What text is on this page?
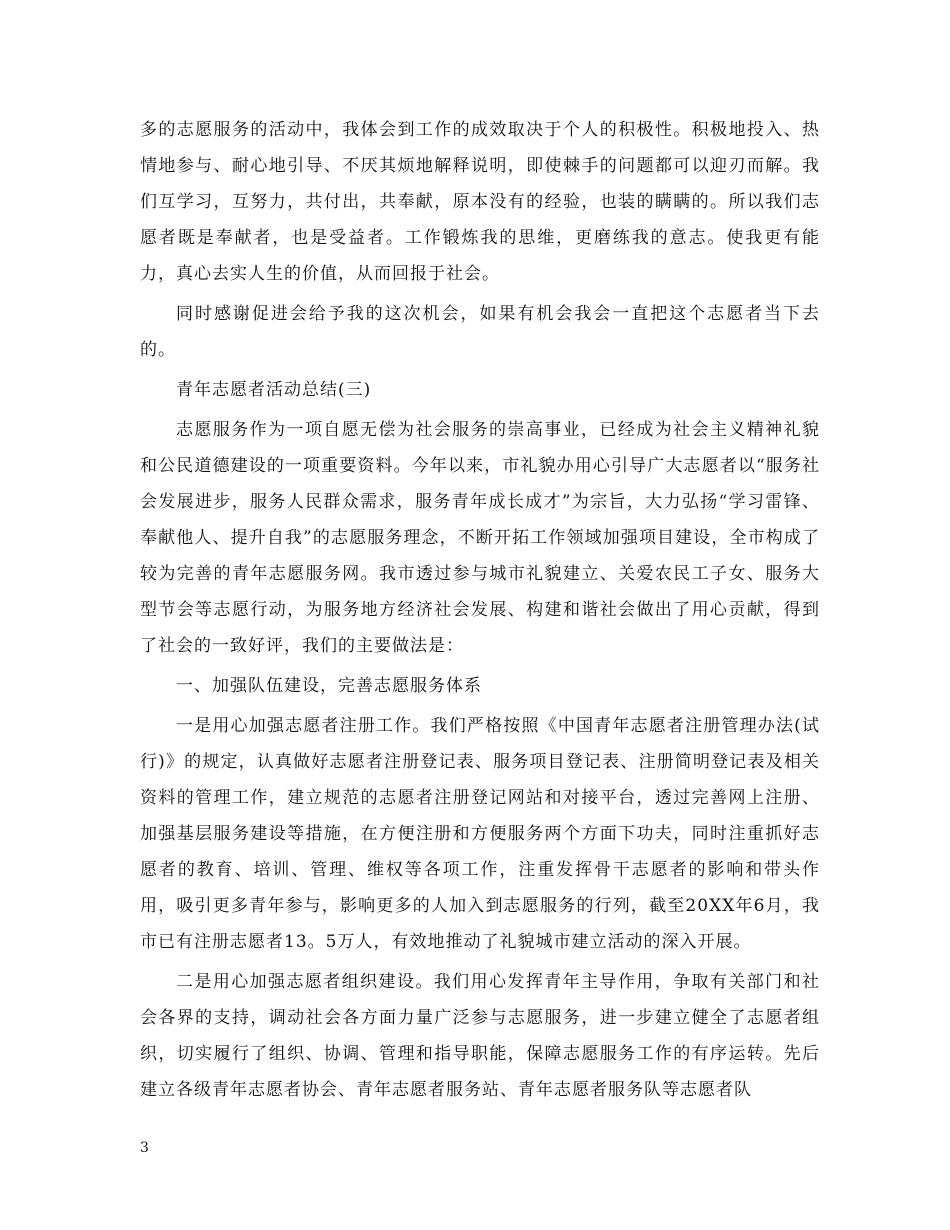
多的志愿服务的活动中，我体会到工作的成效取决于个人的积极性。积极地投入、热情地参与、耐心地引导、不厌其烦地解释说明，即使棘手的问题都可以迎刃而解。我们互学习，互努力，共付出，共奉献，原本没有的经验，也装的瞒瞒的。所以我们志愿者既是奉献者，也是受益者。工作锻炼我的思维，更磨练我的意志。使我更有能力，真心去实人生的价值，从而回报于社会。

同时感谢促进会给予我的这次机会，如果有机会我会一直把这个志愿者当下去的。

青年志愿者活动总结(三)

志愿服务作为一项自愿无偿为社会服务的崇高事业，已经成为社会主义精神礼貌和公民道德建设的一项重要资料。今年以来，市礼貌办用心引导广大志愿者以“服务社会发展进步，服务人民群众需求，服务青年成长成才”为宗旨，大力弘扬“学习雷锋、奉献他人、提升自我”的志愿服务理念，不断开拓工作领域加强项目建设，全市构成了较为完善的青年志愿服务网。我市透过参与城市礼貌建立、关爱农民工子女、服务大型节会等志愿行动，为服务地方经济社会发展、构建和谐社会做出了用心贡献，得到了社会的一致好评，我们的主要做法是：

一、加强队伍建设，完善志愿服务体系

一是用心加强志愿者注册工作。我们严格按照《中国青年志愿者注册管理办法(试行)》的规定，认真做好志愿者注册登记表、服务项目登记表、注册简明登记表及相关资料的管理工作，建立规范的志愿者注册登记网站和对接平台，透过完善网上注册、加强基层服务建设等措施，在方便注册和方便服务两个方面下功夫，同时注重抓好志愿者的教育、培训、管理、维权等各项工作，注重发挥骨干志愿者的影响和带头作用，吸引更多青年参与，影响更多的人加入到志愿服务的行列，截至20XX年6月，我市已有注册志愿者13。5万人，有效地推动了礼貌城市建立活动的深入开展。

二是用心加强志愿者组织建设。我们用心发挥青年主导作用，争取有关部门和社会各界的支持，调动社会各方面力量广泛参与志愿服务，进一步建立健全了志愿者组织，切实履行了组织、协调、管理和指导职能，保障志愿服务工作的有序运转。先后建立各级青年志愿者协会、青年志愿者服务站、青年志愿者服务队等志愿者队

3
